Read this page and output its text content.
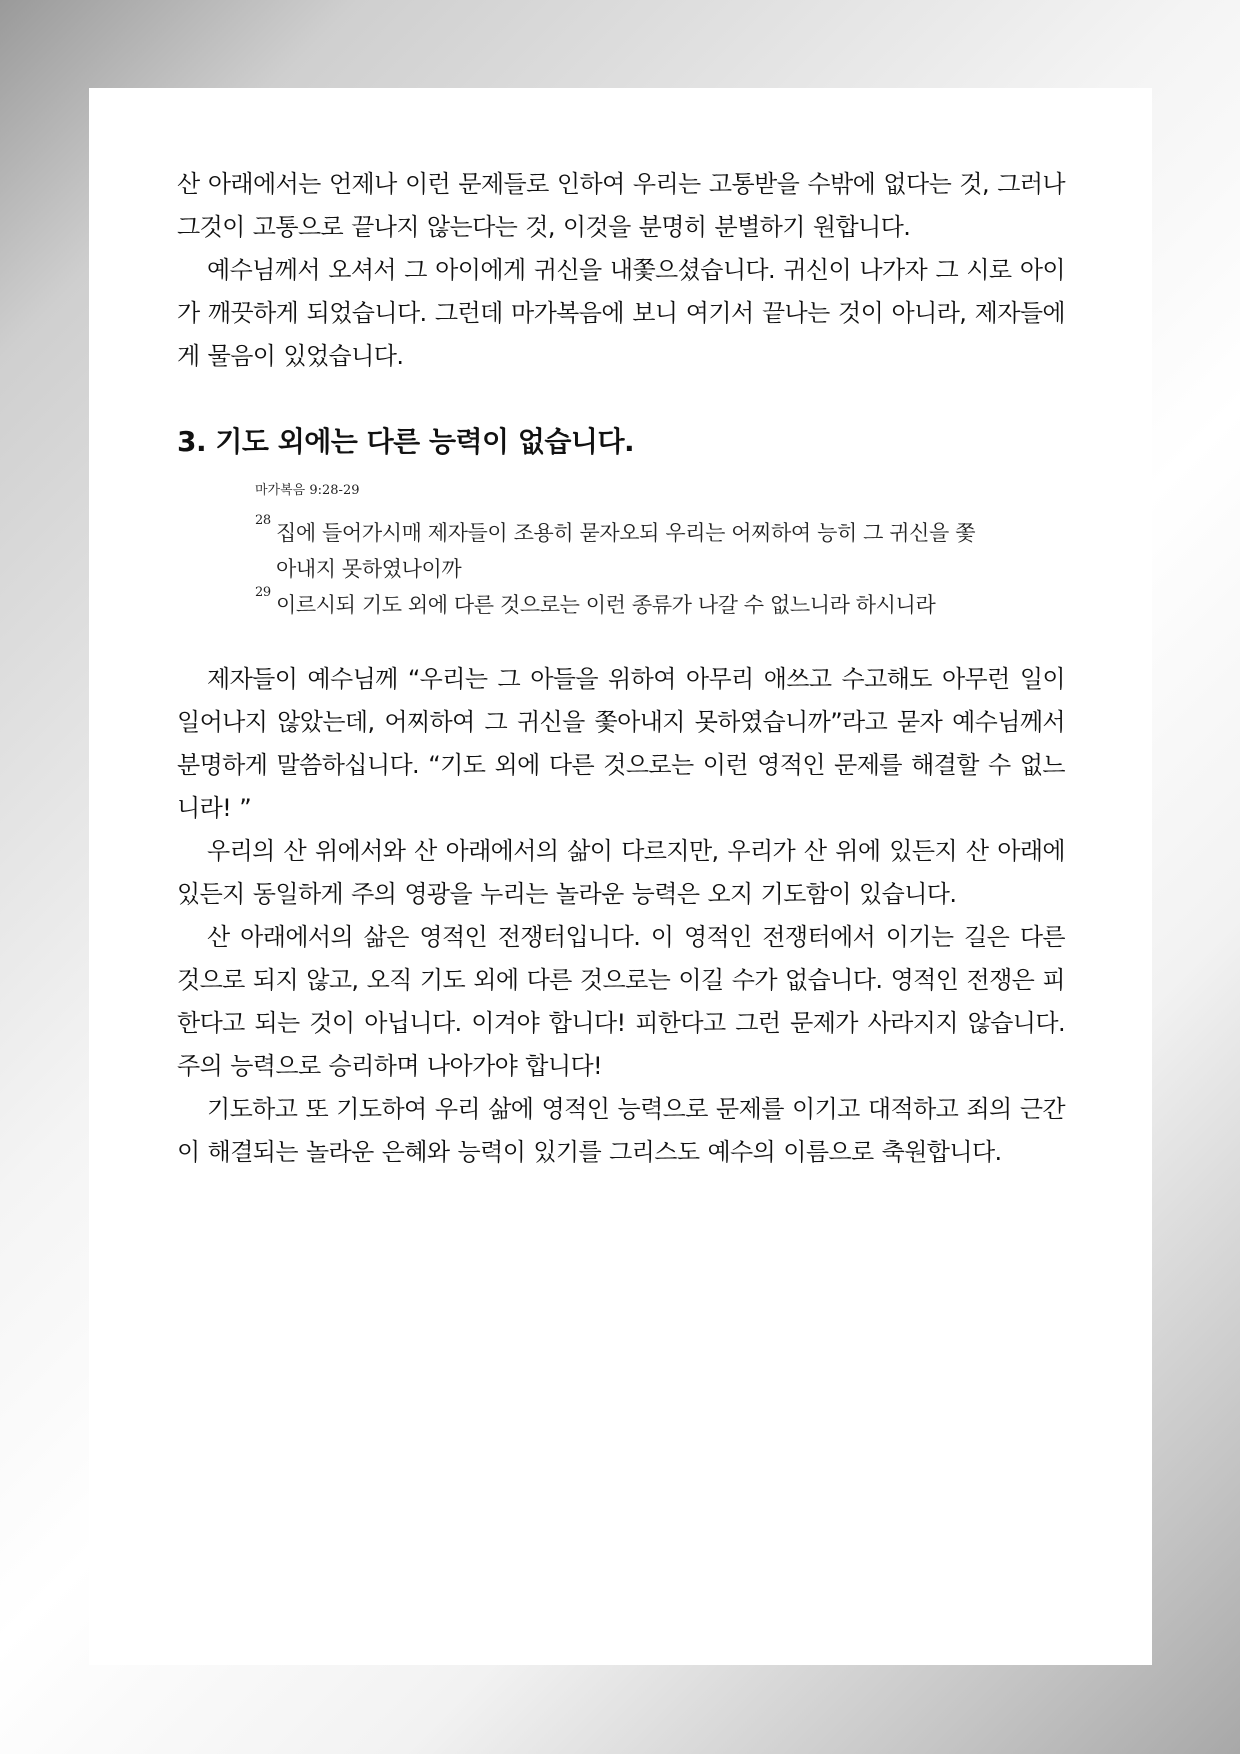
산 아래에서는 언제나 이런 문제들로 인하여 우리는 고통받을 수밖에 없다는 것, 그러나 그것이 고통으로 끝나지 않는다는 것, 이것을 분명히 분별하기 원합니다.

예수님께서 오셔서 그 아이에게 귀신을 내쫓으셨습니다. 귀신이 나가자 그 시로 아이가 깨끗하게 되었습니다. 그런데 마가복음에 보니 여기서 끝나는 것이 아니라, 제자들에게 물음이 있었습니다.

3. 기도 외에는 다른 능력이 없습니다.
마가복음 9:28-29
28
집에 들어가시매 제자들이 조용히 묻자오되 우리는 어찌하여 능히 그 귀신을 쫓아내지 못하였나이까
29
이르시되 기도 외에 다른 것으로는 이런 종류가 나갈 수 없느니라 하시니라

제자들이 예수님께 “우리는 그 아들을 위하여 아무리 애쓰고 수고해도 아무런 일이 일어나지 않았는데, 어찌하여 그 귀신을 쫓아내지 못하였습니까”라고 묻자 예수님께서 분명하게 말씀하십니다. “기도 외에 다른 것으로는 이런 영적인 문제를 해결할 수 없느니라! ”

우리의 산 위에서와 산 아래에서의 삶이 다르지만, 우리가 산 위에 있든지 산 아래에 있든지 동일하게 주의 영광을 누리는 놀라운 능력은 오지 기도함이 있습니다.

산 아래에서의 삶은 영적인 전쟁터입니다. 이 영적인 전쟁터에서 이기는 길은 다른 것으로 되지 않고, 오직 기도 외에 다른 것으로는 이길 수가 없습니다. 영적인 전쟁은 피한다고 되는 것이 아닙니다. 이겨야 합니다! 피한다고 그런 문제가 사라지지 않습니다. 주의 능력으로 승리하며 나아가야 합니다!

기도하고 또 기도하여 우리 삶에 영적인 능력으로 문제를 이기고 대적하고 죄의 근간이 해결되는 놀라운 은혜와 능력이 있기를 그리스도 예수의 이름으로 축원합니다.
